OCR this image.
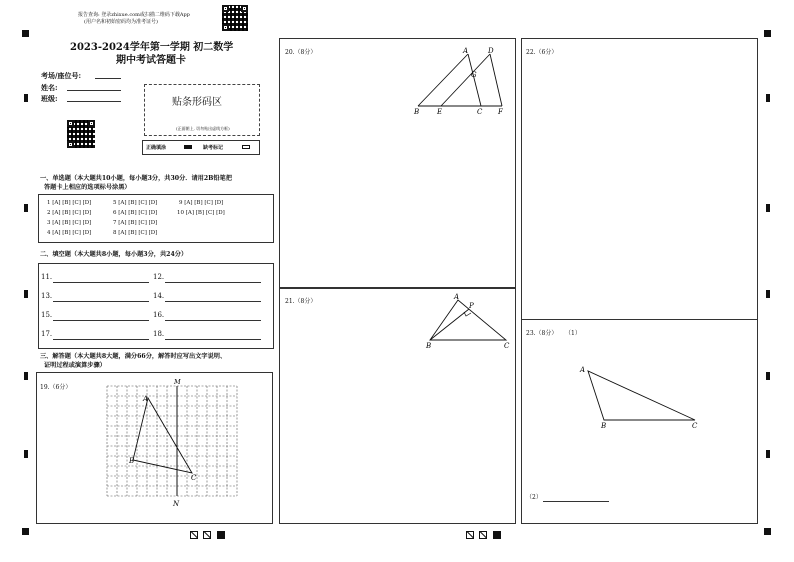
报告查询: 登录zhixue.com或扫描二维码下载App
(用户名和初始密码均为准考证号)
2023-2024学年第一学期 初二数学
期中考试答题卡
考场/座位号:
姓名:
班级:	贴条形码区
(正面朝上, 切勿贴出虚线方框)
正确填涂	缺考标记
一、单选题（本大题共10小题，每小题3分，共30分．请用2B铅笔把
答题卡上相应的选项标号涂黑）
1 [A] [B] [C] [D]
2 [A] [B] [C] [D]
3 [A] [B] [C] [D]
4 [A] [B] [C] [D]
5 [A] [B] [C] [D]
6 [A] [B] [C] [D]
7 [A] [B] [C] [D]
8 [A] [B] [C] [D]
9 [A] [B] [C] [D]
10 [A] [B] [C] [D]
二、填空题（本大题共8小题，每小题3分，共24分）
11.	12.
13.	14.
15.	16.
17.	18.
三、解答题（本大题共8大题，满分66分，解答时应写出文字说明、
证明过程或演算步骤）
19.（6分）
M
N
A
B
C
20.（8分）	A	D
G
B	E	C F
21.（8分）
A
P
B	C
22.（6分）
23.（8分） （1）
A
B	C
（2）
